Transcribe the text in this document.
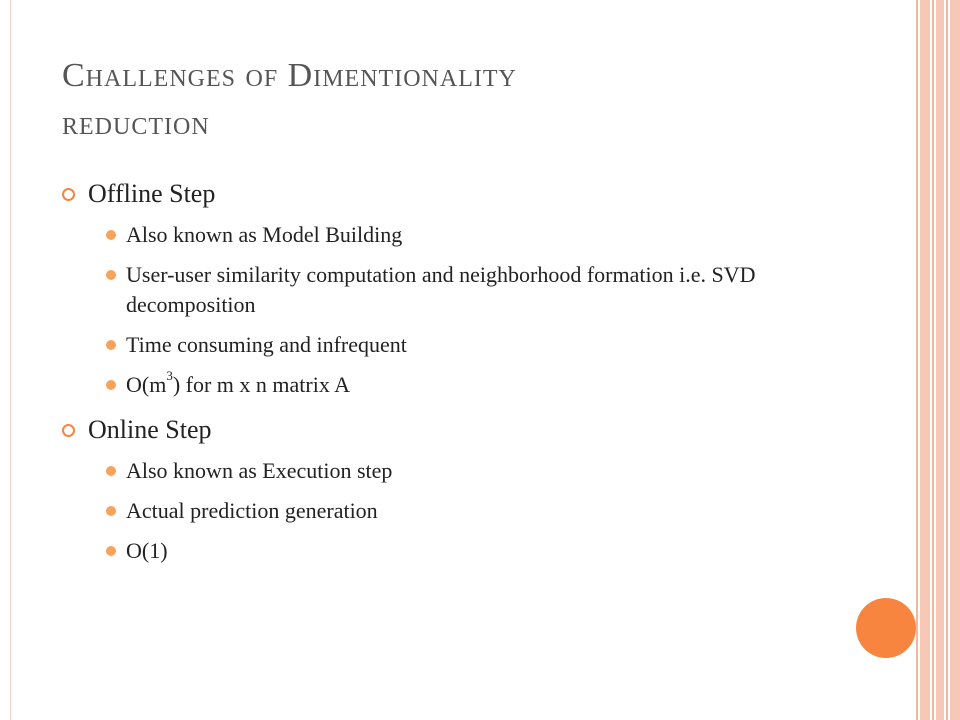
Challenges of Dimentionality
reduction
Offline Step
Also known as Model Building
User-user similarity computation and neighborhood formation i.e. SVD decomposition
Time consuming and infrequent
$O(m^3)$ for m x n matrix A
Online Step
Also known as Execution step
Actual prediction generation
O(1)
